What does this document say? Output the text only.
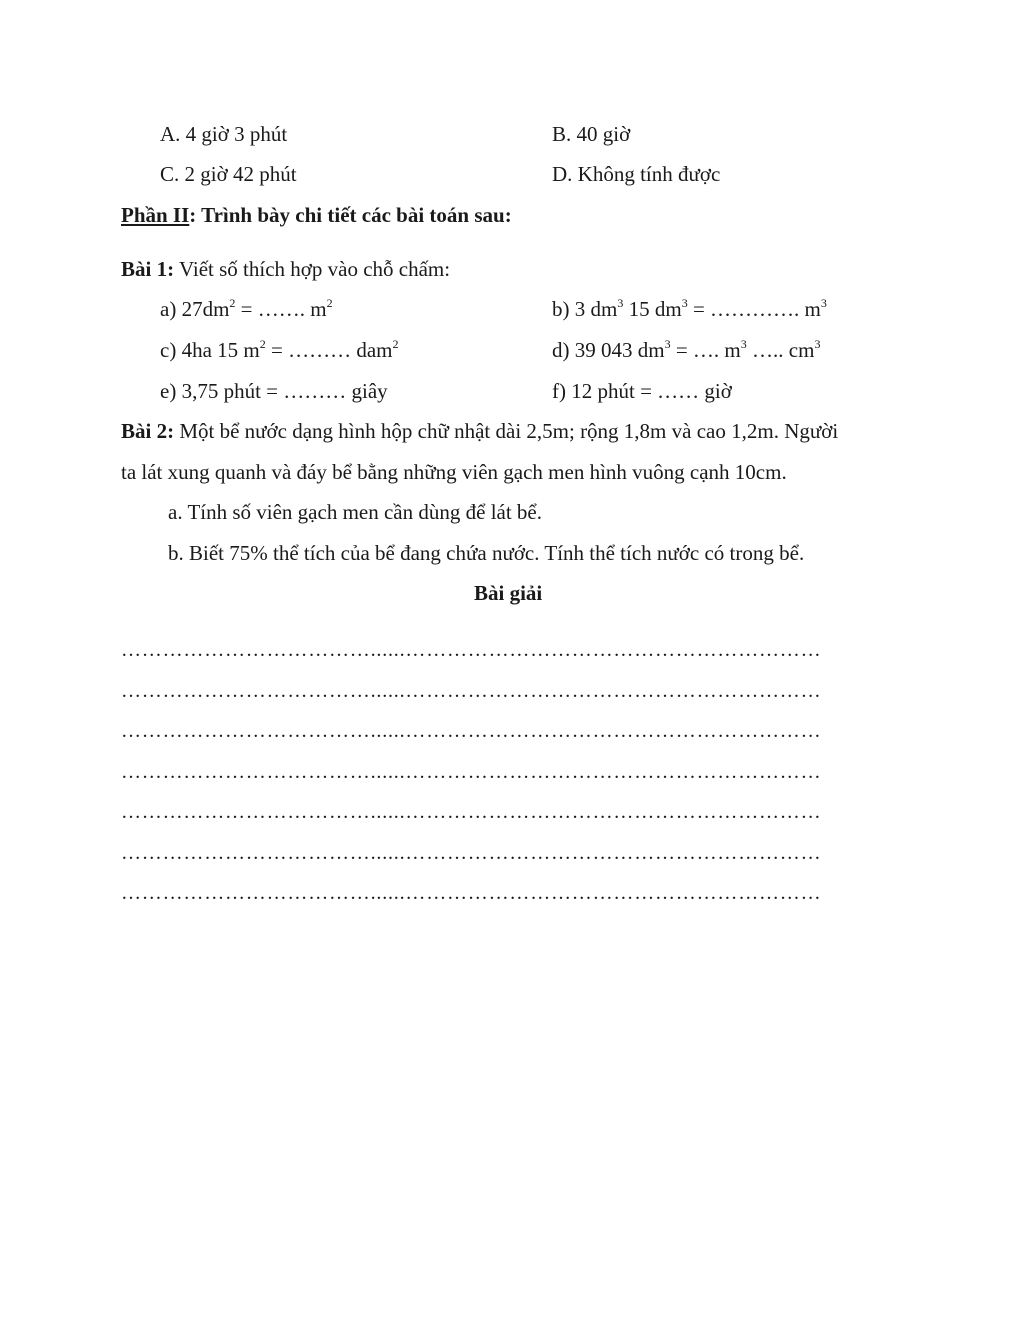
A. 4 giờ 3 phút	B. 40 giờ
C. 2 giờ 42 phút	D. Không tính được
Phần II: Trình bày chi tiết các bài toán sau:
Bài 1: Viết số thích hợp vào chỗ chấm:
a) $27dm^2$ = ……. $m^2$	b) 3 $dm^3$ 15 $dm^3$ = …………. $m^3$
c) 4ha 15 $m^2$ = ……… dam$^2$	d) 39 043 $dm^3$ = …. $m^3$ ….. $cm^3$
e) 3,75 phút = ……… giây	f) 12 phút = …… giờ
Bài 2: Một bể nước dạng hình hộp chữ nhật dài 2,5m; rộng 1,8m và cao 1,2m. Người
ta lát xung quanh và đáy bể bằng những viên gạch men hình vuông cạnh 10cm.
a. Tính số viên gạch men cần dùng để lát bể.
b. Biết 75% thể tích của bể đang chứa nước. Tính thể tích nước có trong bể.
Bài giải
………………………………......……………………………………………………
………………………………......……………………………………………………
………………………………......……………………………………………………
………………………………......……………………………………………………
………………………………......……………………………………………………
………………………………......……………………………………………………
………………………………......……………………………………………………
